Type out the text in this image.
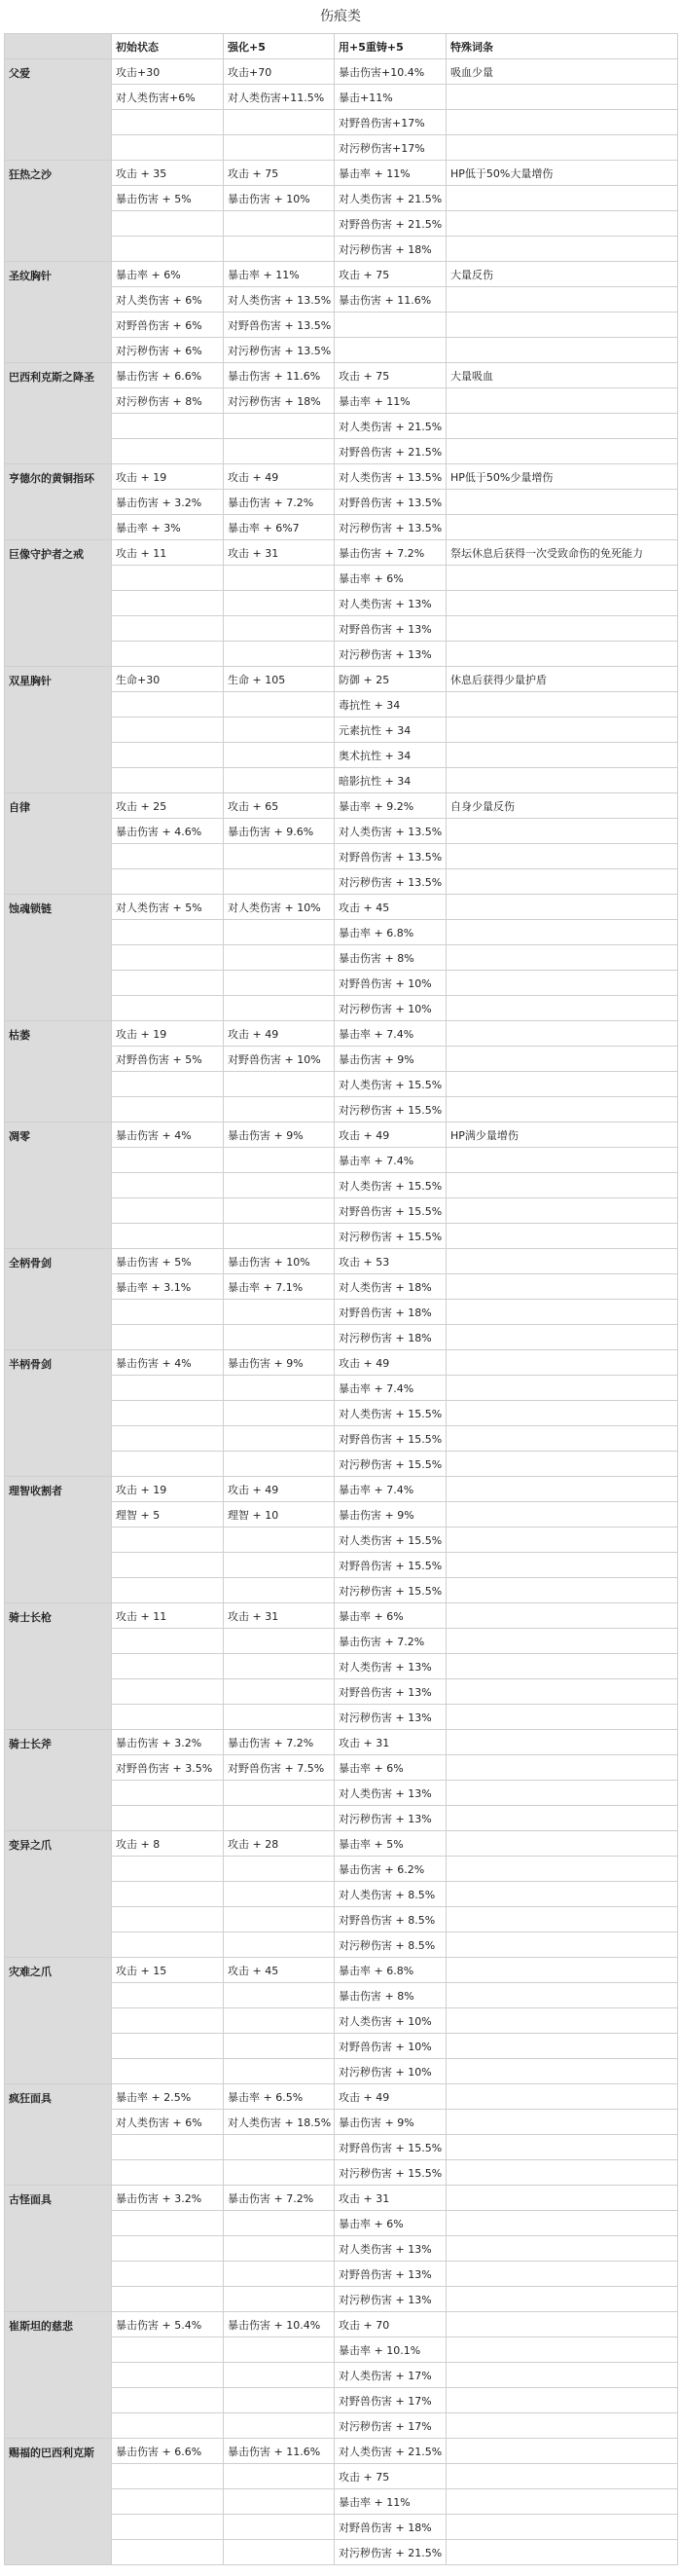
伤痕类
	初始状态	强化+5	用+5重铸+5	特殊词条
父爱	攻击+30	攻击+70	暴击伤害+10.4%	吸血少量
	对人类伤害+6%	对人类伤害+11.5%	暴击+11%	
			对野兽伤害+17%	
			对污秽伤害+17%	
狂热之沙	攻击 + 35	攻击 + 75	暴击率 + 11%	HP低于50%大量增伤
	暴击伤害 + 5%	暴击伤害 + 10%	对人类伤害 + 21.5%	
			对野兽伤害 + 21.5%	
			对污秽伤害 + 18%	
圣纹胸针	暴击率 + 6%	暴击率 + 11%	攻击 + 75	大量反伤
	对人类伤害 + 6%	对人类伤害 + 13.5%	暴击伤害 + 11.6%	
	对野兽伤害 + 6%	对野兽伤害 + 13.5%		
	对污秽伤害 + 6%	对污秽伤害 + 13.5%		
巴西利克斯之降圣	暴击伤害 + 6.6%	暴击伤害 + 11.6%	攻击 + 75	大量吸血
	对污秽伤害 + 8%	对污秽伤害 + 18%	暴击率 + 11%	
			对人类伤害 + 21.5%	
			对野兽伤害 + 21.5%	
亨德尔的黄铜指环	攻击 + 19	攻击 + 49	对人类伤害 + 13.5%	HP低于50%少量增伤
	暴击伤害 + 3.2%	暴击伤害 + 7.2%	对野兽伤害 + 13.5%	
	暴击率 + 3%	暴击率 + 6%7	对污秽伤害 + 13.5%	
巨像守护者之戒	攻击 + 11	攻击 + 31	暴击伤害 + 7.2%	祭坛休息后获得一次受致命伤的免死能力
			暴击率 + 6%	
			对人类伤害 + 13%	
			对野兽伤害 + 13%	
			对污秽伤害 + 13%	
双星胸针	生命+30	生命 + 105	防御 + 25	休息后获得少量护盾
			毒抗性 + 34	
			元素抗性 + 34	
			奥术抗性 + 34	
			暗影抗性 + 34	
自律	攻击 + 25	攻击 + 65	暴击率 + 9.2%	自身少量反伤
	暴击伤害 + 4.6%	暴击伤害 + 9.6%	对人类伤害 + 13.5%	
			对野兽伤害 + 13.5%	
			对污秽伤害 + 13.5%	
蚀魂锁链	对人类伤害 + 5%	对人类伤害 + 10%	攻击 + 45	
			暴击率 + 6.8%	
			暴击伤害 + 8%	
			对野兽伤害 + 10%	
			对污秽伤害 + 10%	
枯萎	攻击 + 19	攻击 + 49	暴击率 + 7.4%	
	对野兽伤害 + 5%	对野兽伤害 + 10%	暴击伤害 + 9%	
			对人类伤害 + 15.5%	
			对污秽伤害 + 15.5%	
凋零	暴击伤害 + 4%	暴击伤害 + 9%	攻击 + 49	HP满少量增伤
			暴击率 + 7.4%	
			对人类伤害 + 15.5%	
			对野兽伤害 + 15.5%	
			对污秽伤害 + 15.5%	
全柄骨剑	暴击伤害 + 5%	暴击伤害 + 10%	攻击 + 53	
	暴击率 + 3.1%	暴击率 + 7.1%	对人类伤害 + 18%	
			对野兽伤害 + 18%	
			对污秽伤害 + 18%	
半柄骨剑	暴击伤害 + 4%	暴击伤害 + 9%	攻击 + 49	
			暴击率 + 7.4%	
			对人类伤害 + 15.5%	
			对野兽伤害 + 15.5%	
			对污秽伤害 + 15.5%	
理智收割者	攻击 + 19	攻击 + 49	暴击率 + 7.4%	
	理智 + 5	理智 + 10	暴击伤害 + 9%	
			对人类伤害 + 15.5%	
			对野兽伤害 + 15.5%	
			对污秽伤害 + 15.5%	
骑士长枪	攻击 + 11	攻击 + 31	暴击率 + 6%	
			暴击伤害 + 7.2%	
			对人类伤害 + 13%	
			对野兽伤害 + 13%	
			对污秽伤害 + 13%	
骑士长斧	暴击伤害 + 3.2%	暴击伤害 + 7.2%	攻击 + 31	
	对野兽伤害 + 3.5%	对野兽伤害 + 7.5%	暴击率 + 6%	
			对人类伤害 + 13%	
			对污秽伤害 + 13%	
变异之爪	攻击 + 8	攻击 + 28	暴击率 + 5%	
			暴击伤害 + 6.2%	
			对人类伤害 + 8.5%	
			对野兽伤害 + 8.5%	
			对污秽伤害 + 8.5%	
灾难之爪	攻击 + 15	攻击 + 45	暴击率 + 6.8%	
			暴击伤害 + 8%	
			对人类伤害 + 10%	
			对野兽伤害 + 10%	
			对污秽伤害 + 10%	
疯狂面具	暴击率 + 2.5%	暴击率 + 6.5%	攻击 + 49	
	对人类伤害 + 6%	对人类伤害 + 18.5%	暴击伤害 + 9%	
			对野兽伤害 + 15.5%	
			对污秽伤害 + 15.5%	
古怪面具	暴击伤害 + 3.2%	暴击伤害 + 7.2%	攻击 + 31	
			暴击率 + 6%	
			对人类伤害 + 13%	
			对野兽伤害 + 13%	
			对污秽伤害 + 13%	
崔斯坦的慈悲	暴击伤害 + 5.4%	暴击伤害 + 10.4%	攻击 + 70	
			暴击率 + 10.1%	
			对人类伤害 + 17%	
			对野兽伤害 + 17%	
			对污秽伤害 + 17%	
赐福的巴西利克斯	暴击伤害 + 6.6%	暴击伤害 + 11.6%	对人类伤害 + 21.5%	
			攻击 + 75	
			暴击率 + 11%	
			对野兽伤害 + 18%	
			对污秽伤害 + 21.5%	
